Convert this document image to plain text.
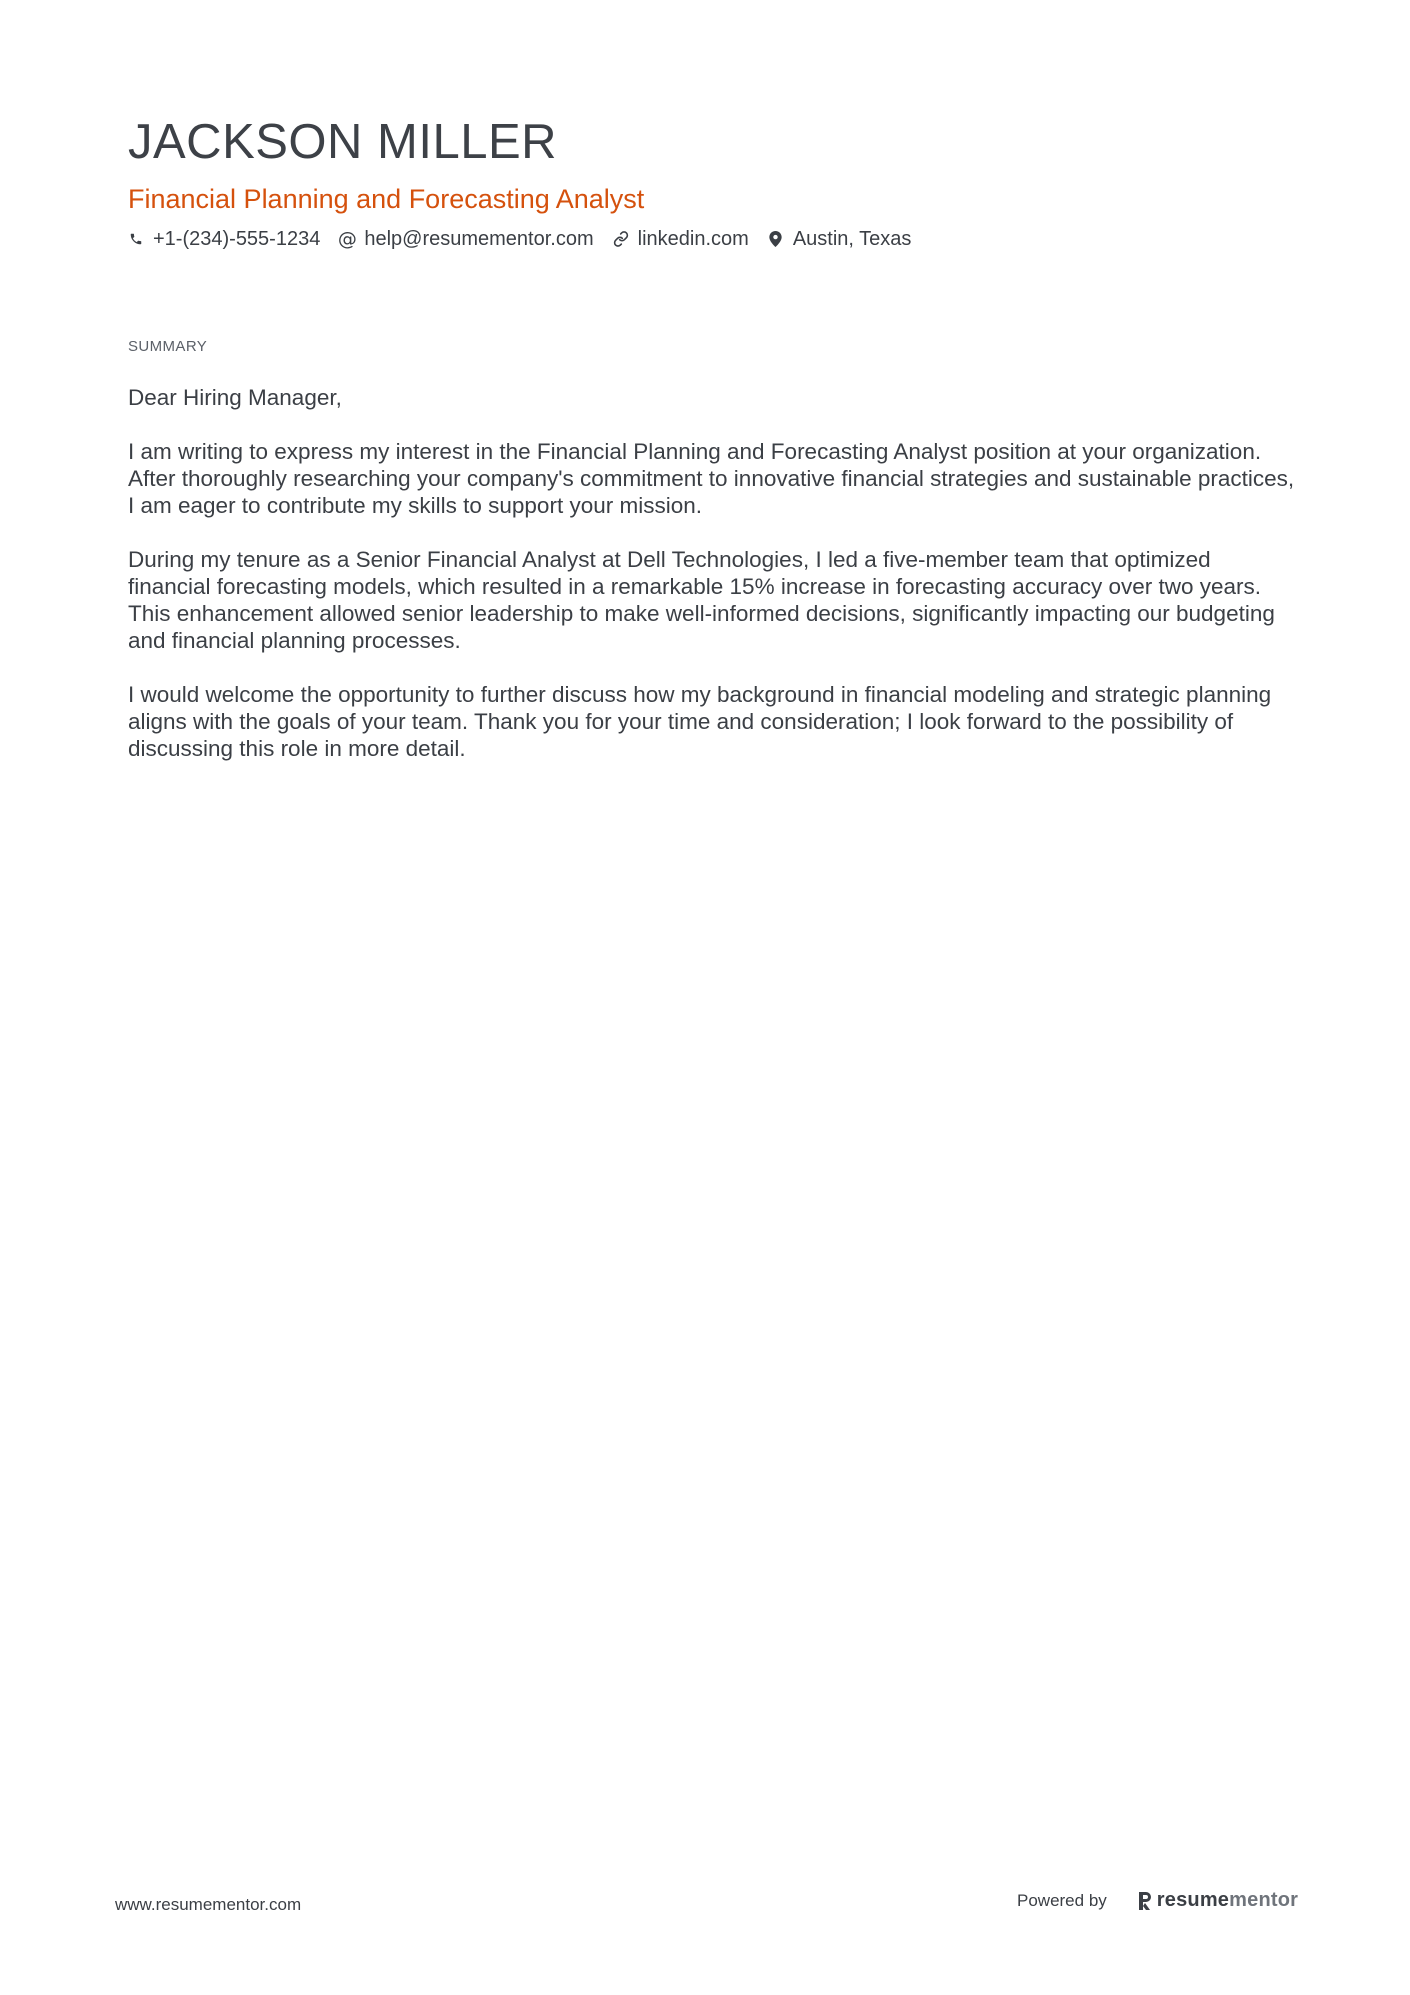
JACKSON MILLER
Financial Planning and Forecasting Analyst
+1-(234)-555-1234 @ help@resumementor.com linkedin.com Austin, Texas
SUMMARY

Dear Hiring Manager,

I am writing to express my interest in the Financial Planning and Forecasting Analyst position at your organization. After thoroughly researching your company's commitment to innovative financial strategies and sustainable practices, I am eager to contribute my skills to support your mission.

During my tenure as a Senior Financial Analyst at Dell Technologies, I led a five-member team that optimized financial forecasting models, which resulted in a remarkable 15% increase in forecasting accuracy over two years. This enhancement allowed senior leadership to make well-informed decisions, significantly impacting our budgeting and financial planning processes.

I would welcome the opportunity to further discuss how my background in financial modeling and strategic planning aligns with the goals of your team. Thank you for your time and consideration; I look forward to the possibility of discussing this role in more detail.

www.resumementor.com	Powered by	resume mentor
